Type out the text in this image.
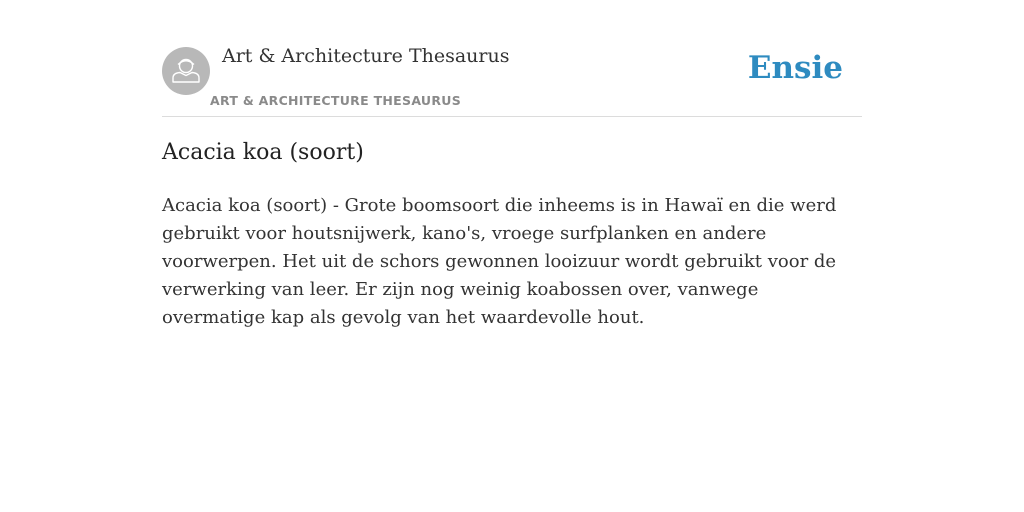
Art & Architecture Thesaurus
ART & ARCHITECTURE THESAURUS
Ensie
Acacia koa (soort)

Acacia koa (soort) - Grote boomsoort die inheems is in Hawaï en die werd gebruikt voor houtsnijwerk, kano's, vroege surfplanken en andere voorwerpen. Het uit de schors gewonnen looizuur wordt gebruikt voor de verwerking van leer. Er zijn nog weinig koabossen over, vanwege overmatige kap als gevolg van het waardevolle hout.
